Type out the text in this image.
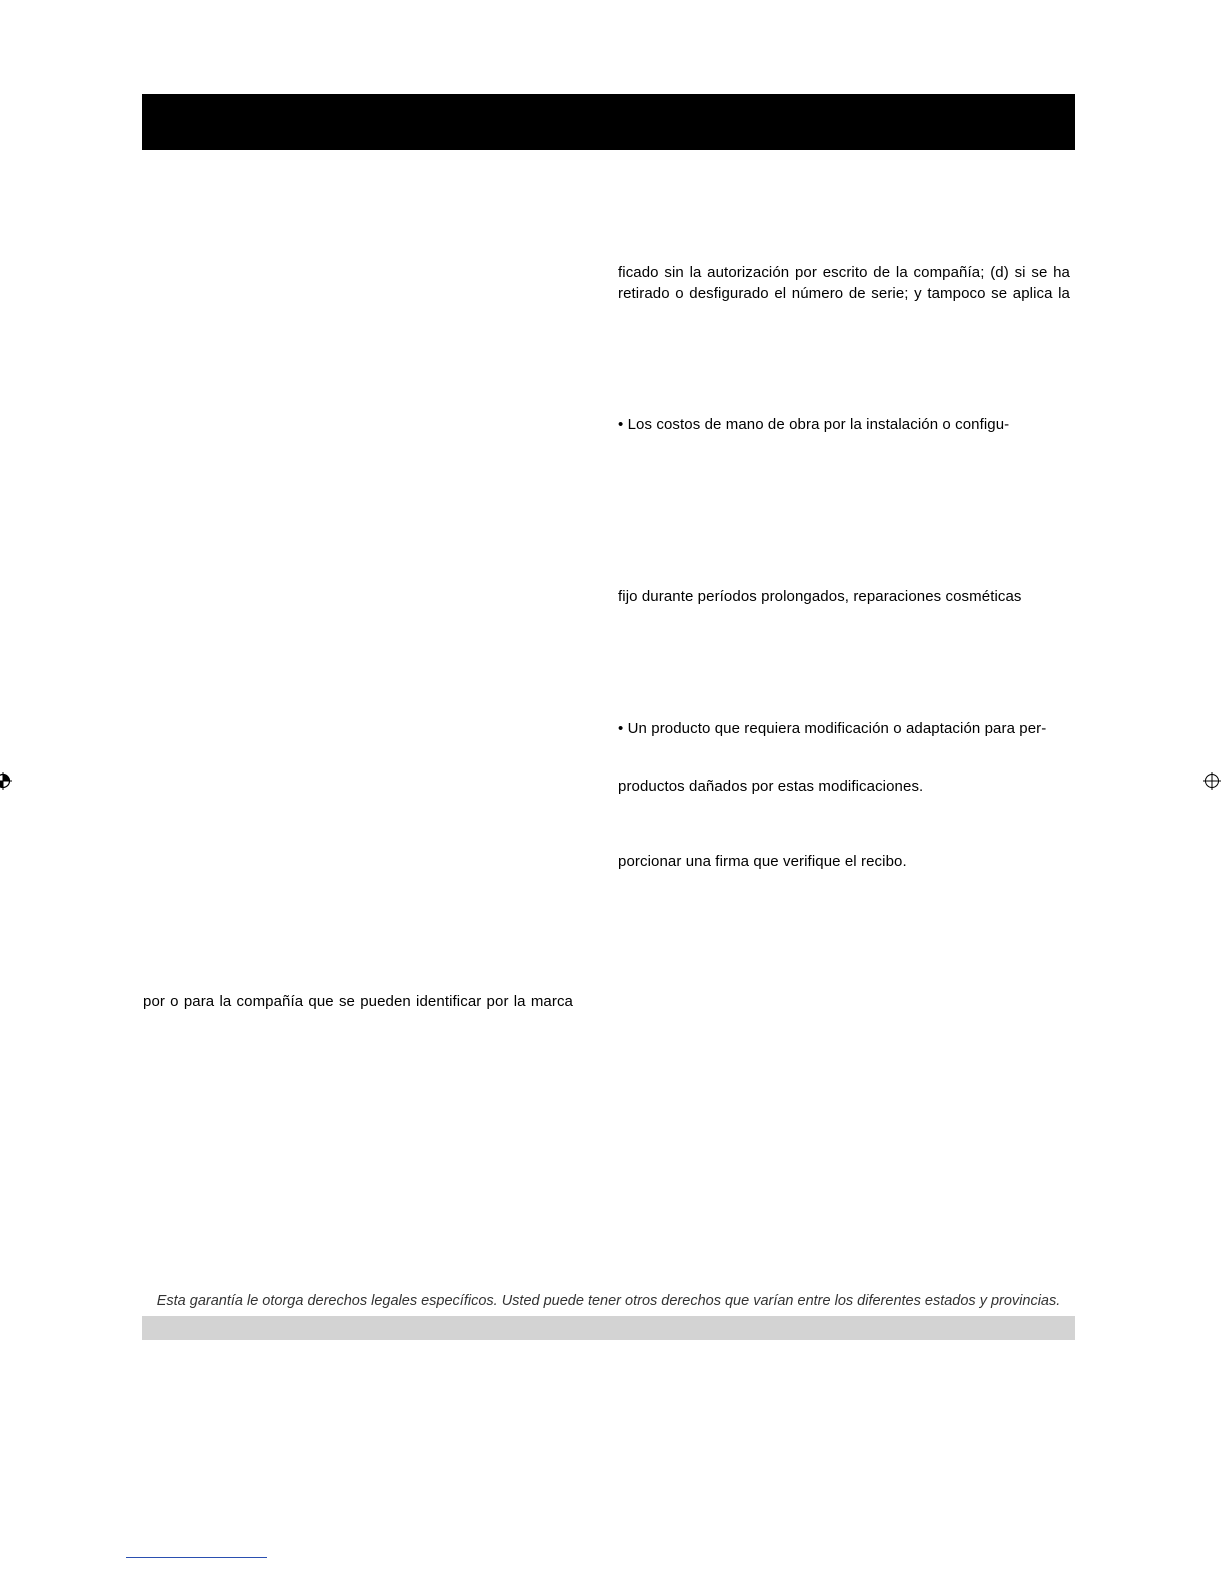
ficado sin la autorización por escrito de la compañía; (d) si se ha
retirado o desfigurado el número de serie; y tampoco se aplica la
• Los costos de mano de obra por la instalación o configu-
fijo durante períodos prolongados, reparaciones cosméticas
• Un producto que requiera modificación o adaptación para per-
productos dañados por estas modificaciones.
porcionar una firma que verifique el recibo.
por o para la compañía que se pueden identificar por la marca
Esta garantía le otorga derechos legales específicos. Usted puede tener otros derechos que varían entre los diferentes estados y provincias.
